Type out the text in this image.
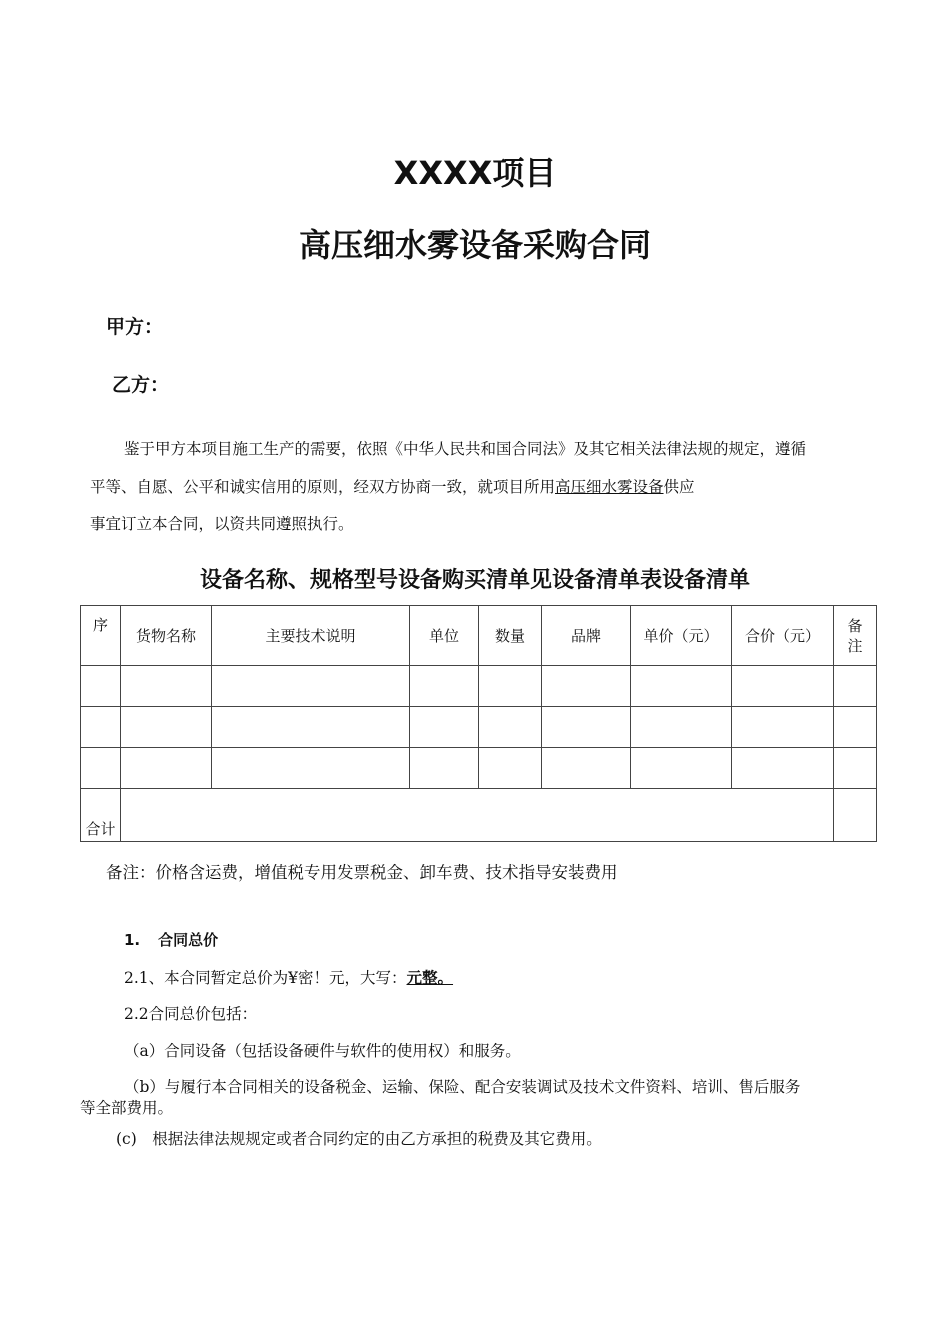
XXXX项目
高压细水雾设备采购合同
甲方：
乙方：
鉴于甲方本项目施工生产的需要，依照《中华人民共和国合同法》及其它相关法律法规的规定，遵循
平等、自愿、公平和诚实信用的原则，经双方协商一致，就项目所用高压细水雾设备供应
事宜订立本合同，以资共同遵照执行。
设备名称、规格型号设备购买清单见设备清单表设备清单
序	货物名称	主要技术说明	单位	数量	品牌	单价（元）	合价（元）	备
注

合计								
备注：价格含运费，增值税专用发票税金、卸车费、技术指导安装费用
1. 合同总价
2.1、本合同暂定总价为¥密！元，大写：元整。
2.2合同总价包括：
（a）合同设备（包括设备硬件与软件的使用权）和服务。
（b）与履行本合同相关的设备税金、运输、保险、配合安装调试及技术文件资料、培训、售后服务
等全部费用。
(c)　根据法律法规规定或者合同约定的由乙方承担的税费及其它费用。
